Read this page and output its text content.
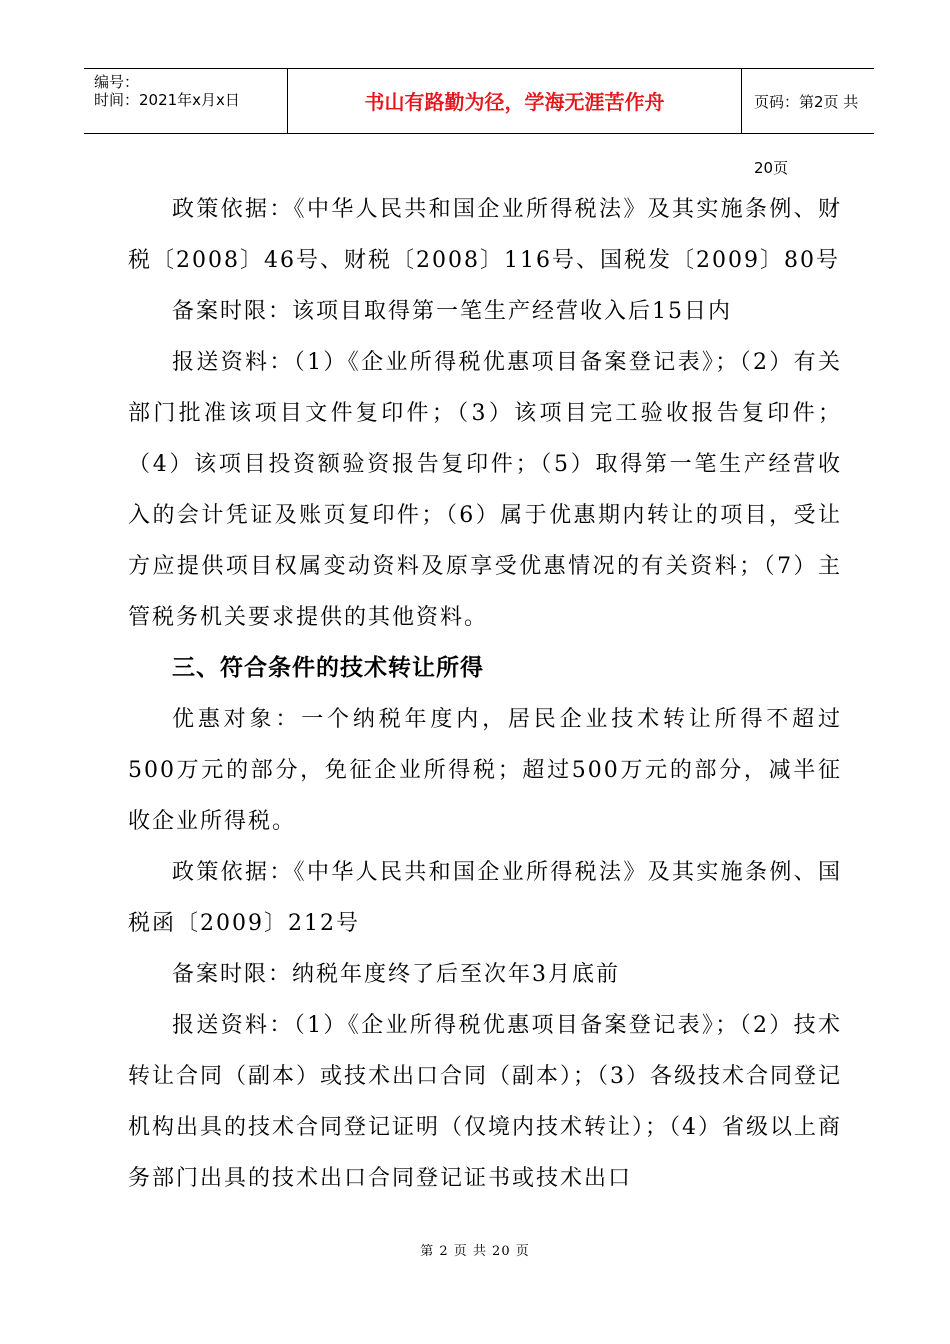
编号：
时间：2021年x月x日	书山有路勤为径，学海无涯苦作舟	页码：第2页 共20页

政策依据：《中华人民共和国企业所得税法》及其实施条例、财税〔2008〕46号、财税〔2008〕116号、国税发〔2009〕80号

备案时限：该项目取得第一笔生产经营收入后15日内

报送资料：（1）《企业所得税优惠项目备案登记表》；（2）有关部门批准该项目文件复印件；（3）该项目完工验收报告复印件；（4）该项目投资额验资报告复印件；（5）取得第一笔生产经营收入的会计凭证及账页复印件；（6）属于优惠期内转让的项目，受让方应提供项目权属变动资料及原享受优惠情况的有关资料；（7）主管税务机关要求提供的其他资料。

三、符合条件的技术转让所得

优惠对象：一个纳税年度内，居民企业技术转让所得不超过500万元的部分，免征企业所得税；超过500万元的部分，减半征收企业所得税。

政策依据：《中华人民共和国企业所得税法》及其实施条例、国税函〔2009〕212号

备案时限：纳税年度终了后至次年3月底前

报送资料：（1）《企业所得税优惠项目备案登记表》；（2）技术转让合同（副本）或技术出口合同（副本）；（3）各级技术合同登记机构出具的技术合同登记证明（仅境内技术转让）；（4）省级以上商务部门出具的技术出口合同登记证书或技术出口

第 2 页 共 20 页
